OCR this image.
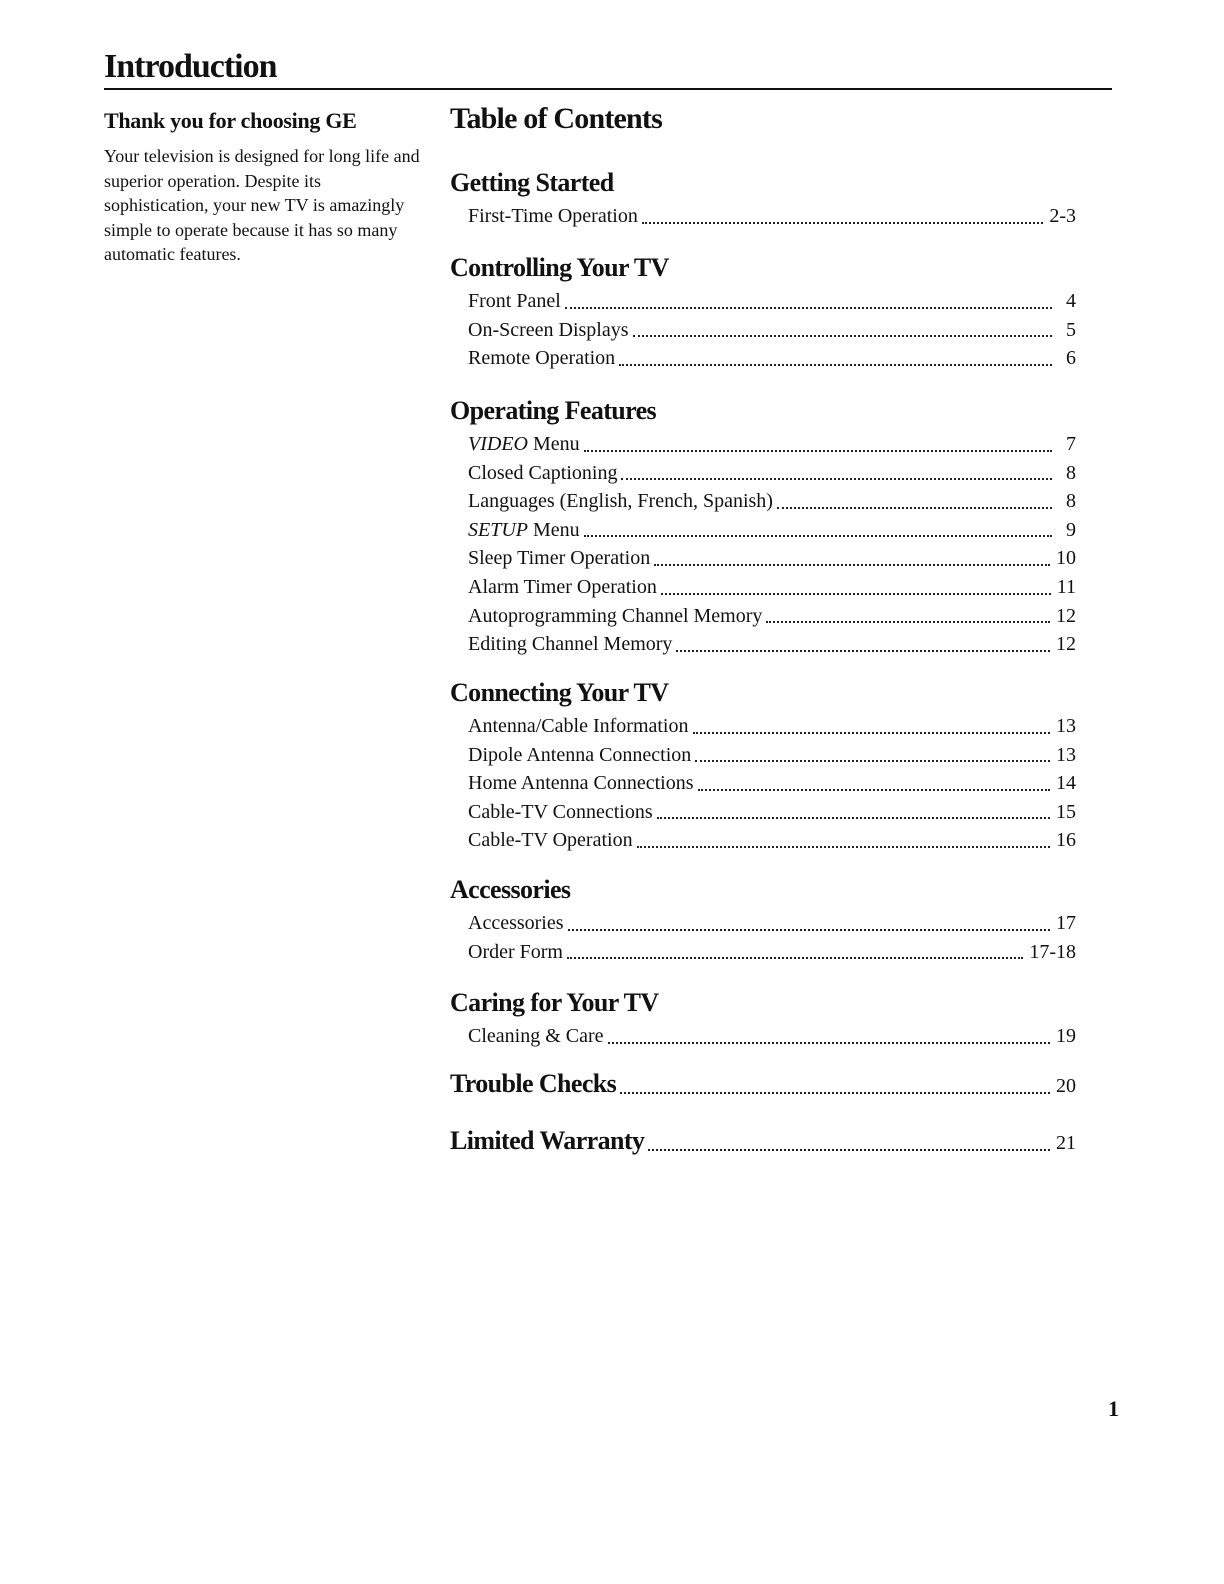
Introduction
Thank you for choosing GE

Your television is designed for long life and superior operation. Despite its sophistication, your new TV is amazingly simple to operate because it has so many automatic features.

Table of Contents
Getting Started
First-Time Operation	2-3
Controlling Your TV
Front Panel	4
On-Screen Displays	5
Remote Operation	6
Operating Features
VIDEO Menu	7
Closed Captioning	8
Languages (English, French, Spanish)	8
SETUP Menu	9
Sleep Timer Operation	10
Alarm Timer Operation	11
Autoprogramming Channel Memory	12
Editing Channel Memory	12
Connecting Your TV
Antenna/Cable Information	13
Dipole Antenna Connection	13
Home Antenna Connections	14
Cable-TV Connections	15
Cable-TV Operation	16
Accessories
Accessories	17
Order Form	17-18
Caring for Your TV
Cleaning & Care	19
Trouble Checks	20
Limited Warranty	21
1
